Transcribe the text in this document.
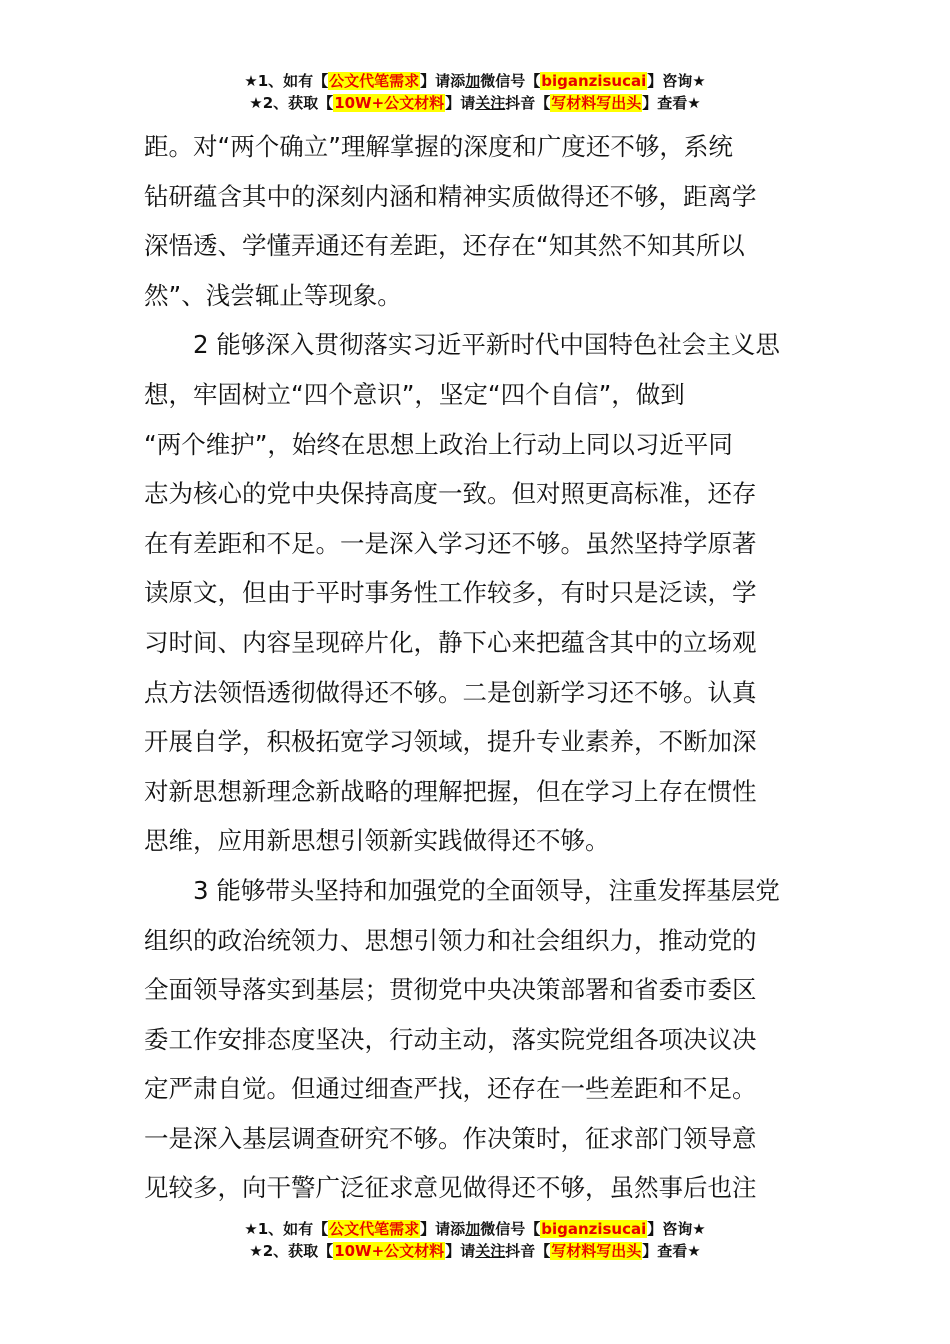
★1、如有【公文代笔需求】请添加微信号【biganzisucai】咨询★
★2、获取【10W+公文材料】请关注抖音【写材料写出头】查看★
距。对“两个确立”理解掌握的深度和广度还不够，系统
钻研蕴含其中的深刻内涵和精神实质做得还不够，距离学
深悟透、学懂弄通还有差距，还存在“知其然不知其所以
然”、浅尝辄止等现象。
　　2 能够深入贯彻落实习近平新时代中国特色社会主义思
想，牢固树立“四个意识”，坚定“四个自信”，做到
“两个维护”，始终在思想上政治上行动上同以习近平同
志为核心的党中央保持高度一致。但对照更高标准，还存
在有差距和不足。一是深入学习还不够。虽然坚持学原著
读原文，但由于平时事务性工作较多，有时只是泛读，学
习时间、内容呈现碎片化，静下心来把蕴含其中的立场观
点方法领悟透彻做得还不够。二是创新学习还不够。认真
开展自学，积极拓宽学习领域，提升专业素养，不断加深
对新思想新理念新战略的理解把握，但在学习上存在惯性
思维，应用新思想引领新实践做得还不够。
　　3 能够带头坚持和加强党的全面领导，注重发挥基层党
组织的政治统领力、思想引领力和社会组织力，推动党的
全面领导落实到基层；贯彻党中央决策部署和省委市委区
委工作安排态度坚决，行动主动，落实院党组各项决议决
定严肃自觉。但通过细查严找，还存在一些差距和不足。
一是深入基层调查研究不够。作决策时，征求部门领导意
见较多，向干警广泛征求意见做得还不够，虽然事后也注
★1、如有【公文代笔需求】请添加微信号【biganzisucai】咨询★
★2、获取【10W+公文材料】请关注抖音【写材料写出头】查看★
